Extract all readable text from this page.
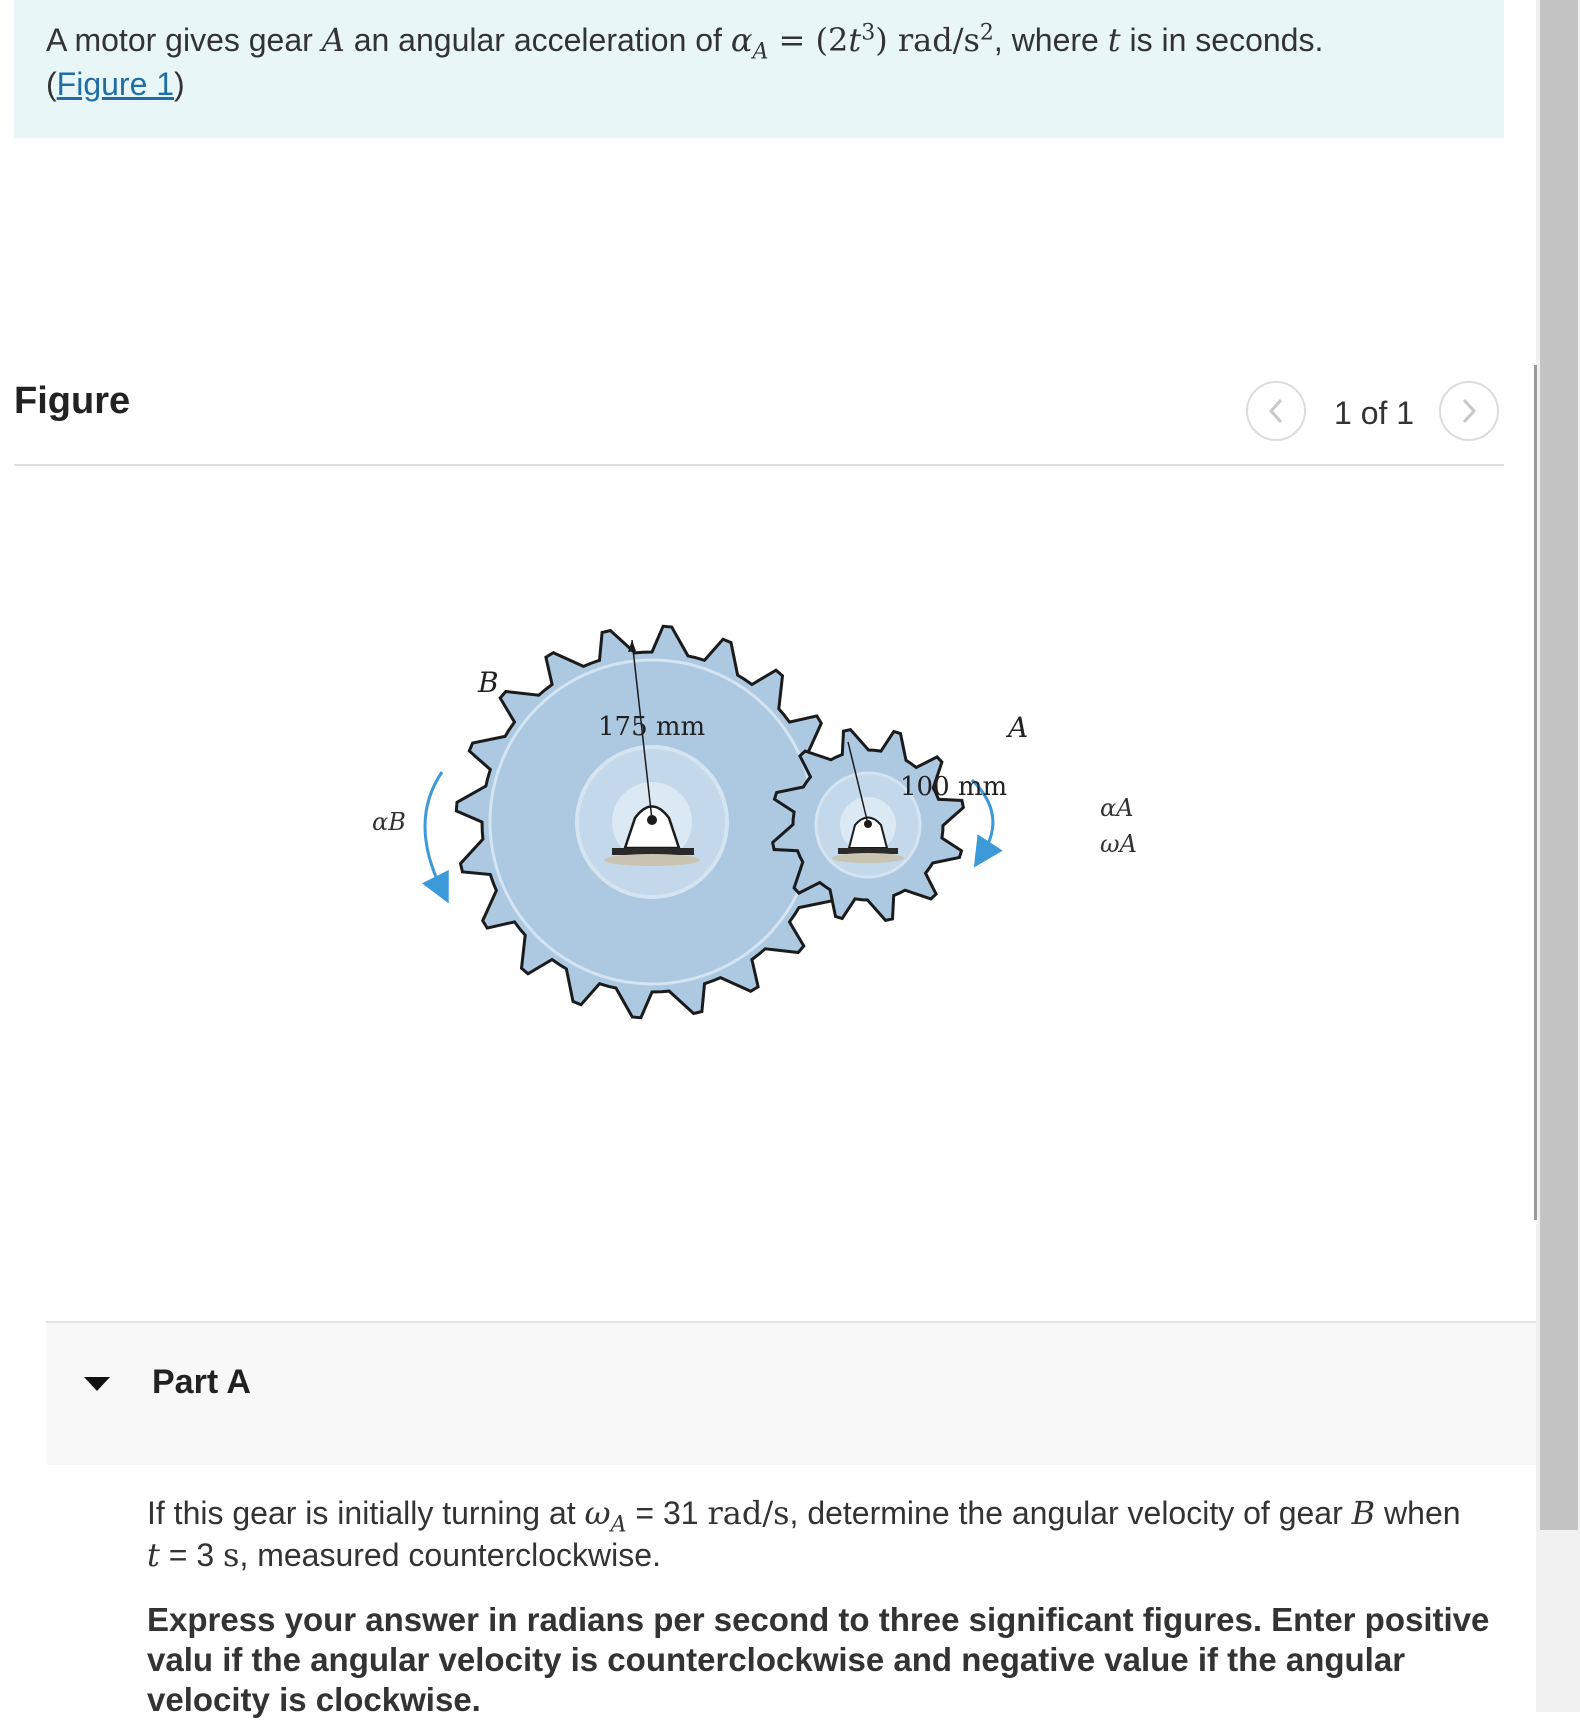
A motor gives gear A an angular acceleration of $\alpha_A = (2t^3)$ rad/$s^2$, where t is in seconds.
(Figure 1)
Figure	1 of 1
B
A
175 mm
100 mm
αB	αA
ωA
Part A
If this gear is initially turning at $\omega_A = 31$ rad/s, determine the angular velocity of gear B when
t = 3 s, measured counterclockwise.
Express your answer in radians per second to three significant figures. Enter positive valu if the angular velocity is counterclockwise and negative value if the angular velocity is clockwise.
